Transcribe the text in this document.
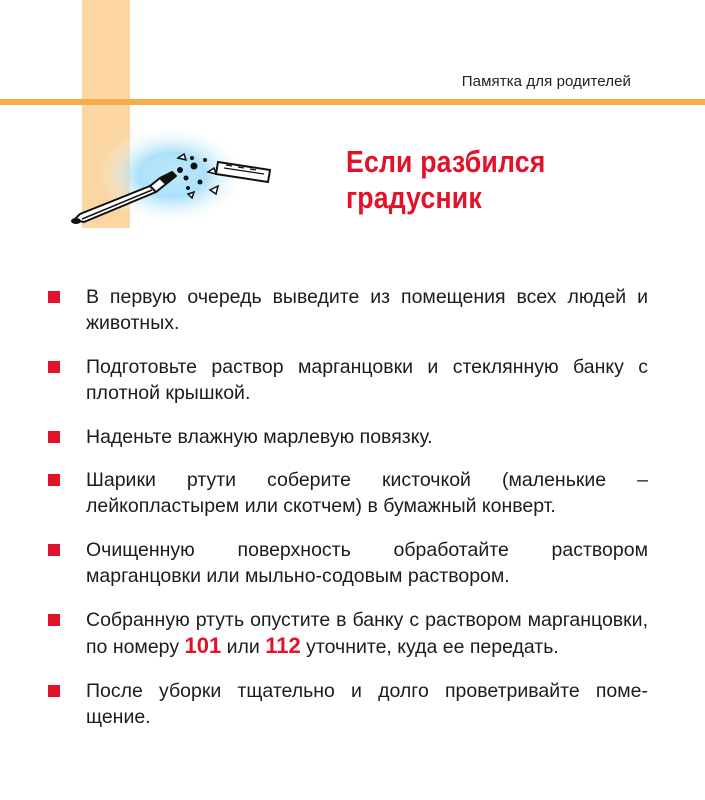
Памятка для родителей
Если разбился
градусник
В первую очередь выведите из помещения всех людей и животных.
Подготовьте раствор марганцовки и стеклянную банку с плотной крышкой.
Наденьте влажную марлевую повязку.
Шарики ртути соберите кисточкой (маленькие – лейкопластырем или скотчем) в бумажный конверт.
Очищенную поверхность обработайте раствором марганцовки или мыльно-содовым раствором.
Собранную ртуть опустите в банку с раствором марганцовки, по номеру 101 или 112 уточните, куда ее передать.
После уборки тщательно и долго проветривайте поме-щение.
